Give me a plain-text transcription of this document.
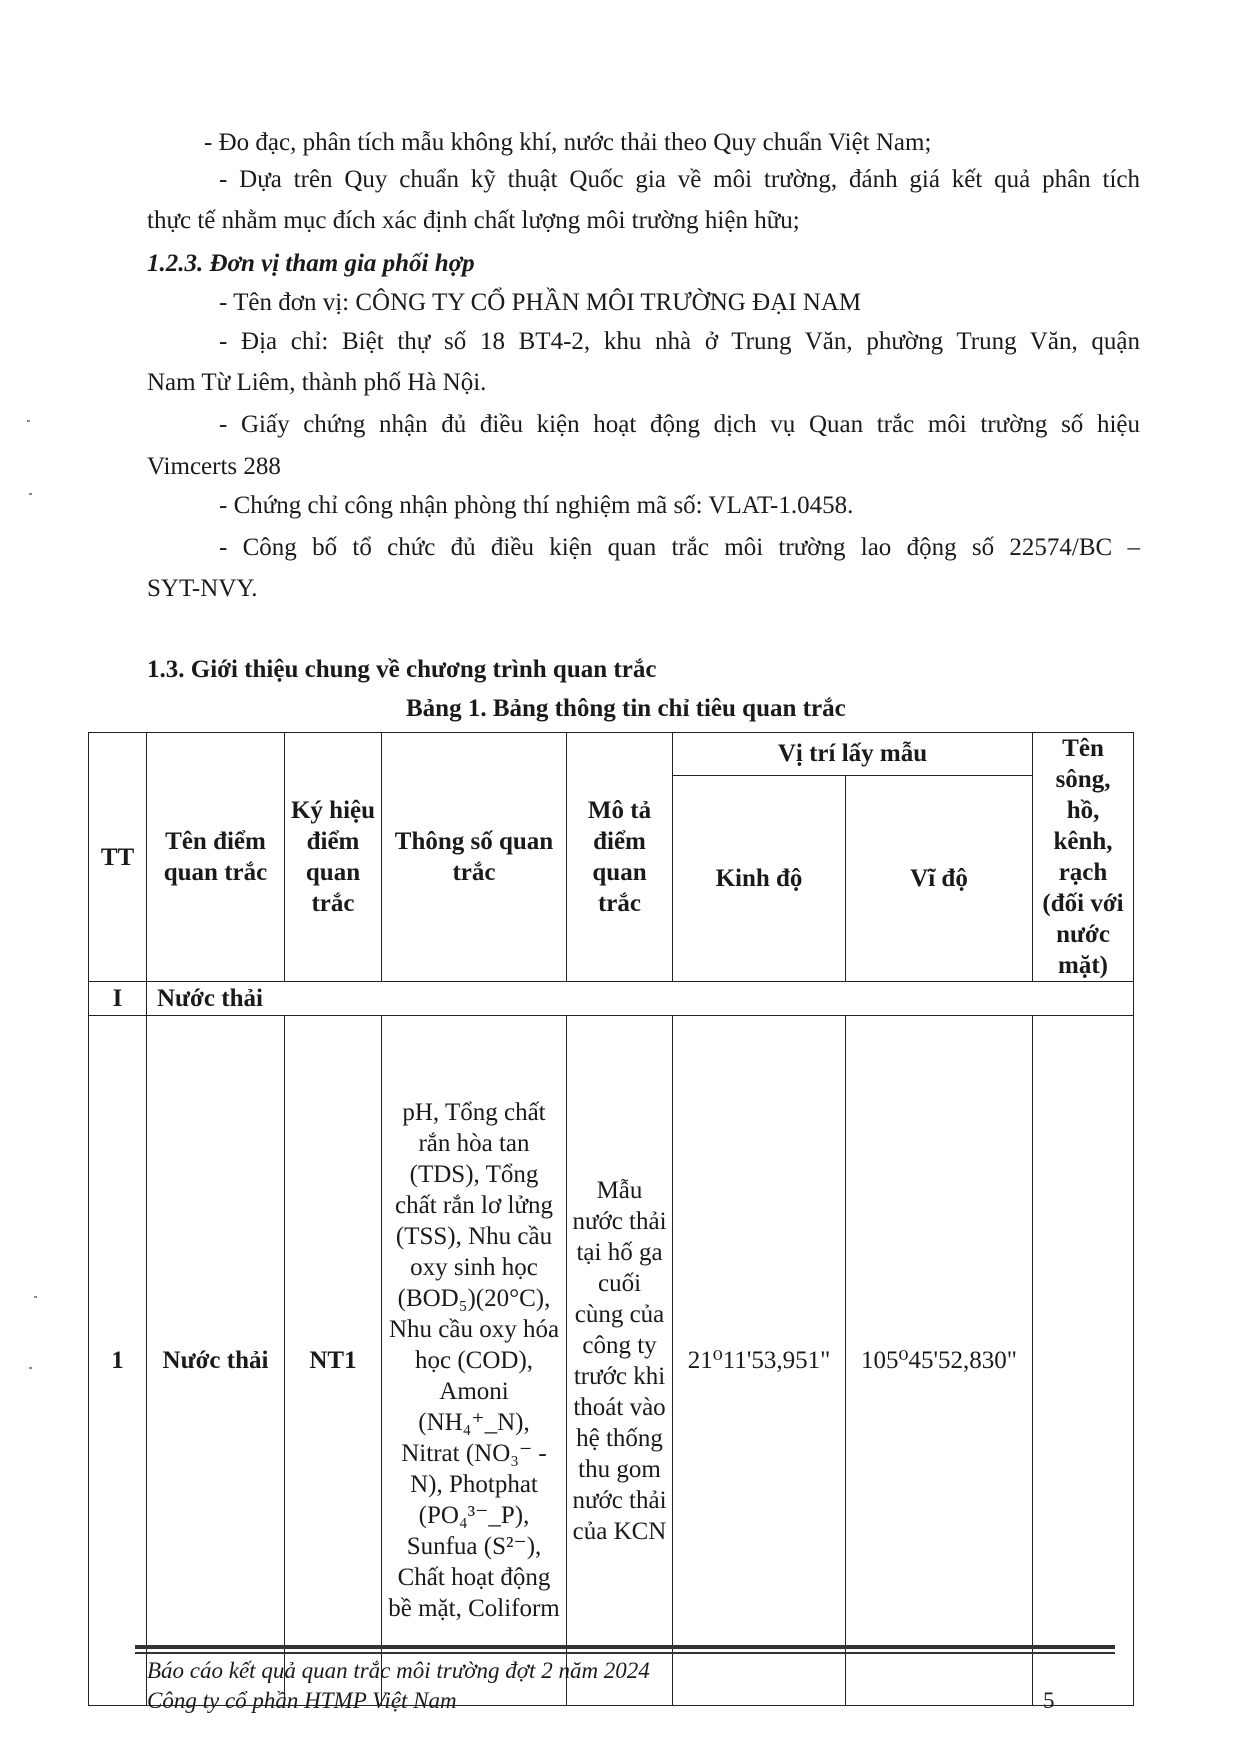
- Đo đạc, phân tích mẫu không khí, nước thải theo Quy chuẩn Việt Nam;
- Dựa trên Quy chuẩn kỹ thuật Quốc gia về môi trường, đánh giá kết quả phân tích
thực tế nhằm mục đích xác định chất lượng môi trường hiện hữu;
1.2.3. Đơn vị tham gia phối hợp
- Tên đơn vị: CÔNG TY CỔ PHẦN MÔI TRƯỜNG ĐẠI NAM
- Địa chỉ: Biệt thự số 18 BT4-2, khu nhà ở Trung Văn, phường Trung Văn, quận
Nam Từ Liêm, thành phố Hà Nội.
- Giấy chứng nhận đủ điều kiện hoạt động dịch vụ Quan trắc môi trường số hiệu
Vimcerts 288
- Chứng chỉ công nhận phòng thí nghiệm mã số: VLAT-1.0458.
- Công bố tổ chức đủ điều kiện quan trắc môi trường lao động số 22574/BC –
SYT-NVY.
1.3. Giới thiệu chung về chương trình quan trắc
Bảng 1. Bảng thông tin chỉ tiêu quan trắc
TT	Tên điểm quan trắc	Ký hiệu điểm quan trắc	Thông số quan trắc	Mô tả điểm quan trắc	Vị trí lấy mẫu		Tên sông, hồ, kênh, rạch (đối với nước mặt)
					Kinh độ	Vĩ độ	
I	Nước thải						
1	Nước thải	NT1	pH, Tổng chất rắn hòa tan (TDS), Tổng chất rắn lơ lửng (TSS), Nhu cầu oxy sinh học (BOD₅)(20°C), Nhu cầu oxy hóa học (COD), Amoni (NH₄⁺_N), Nitrat (NO₃⁻ - N), Photphat (PO₄³⁻_P), Sunfua (S²⁻), Chất hoạt động bề mặt, Coliform	Mẫu nước thải tại hố ga cuối cùng của công ty trước khi thoát vào hệ thống thu gom nước thải của KCN	21⁰11'53,951"	105⁰45'52,830"	
Báo cáo kết quả quan trắc môi trường đợt 2 năm 2024
Công ty cổ phần HTMP Việt Nam	5
